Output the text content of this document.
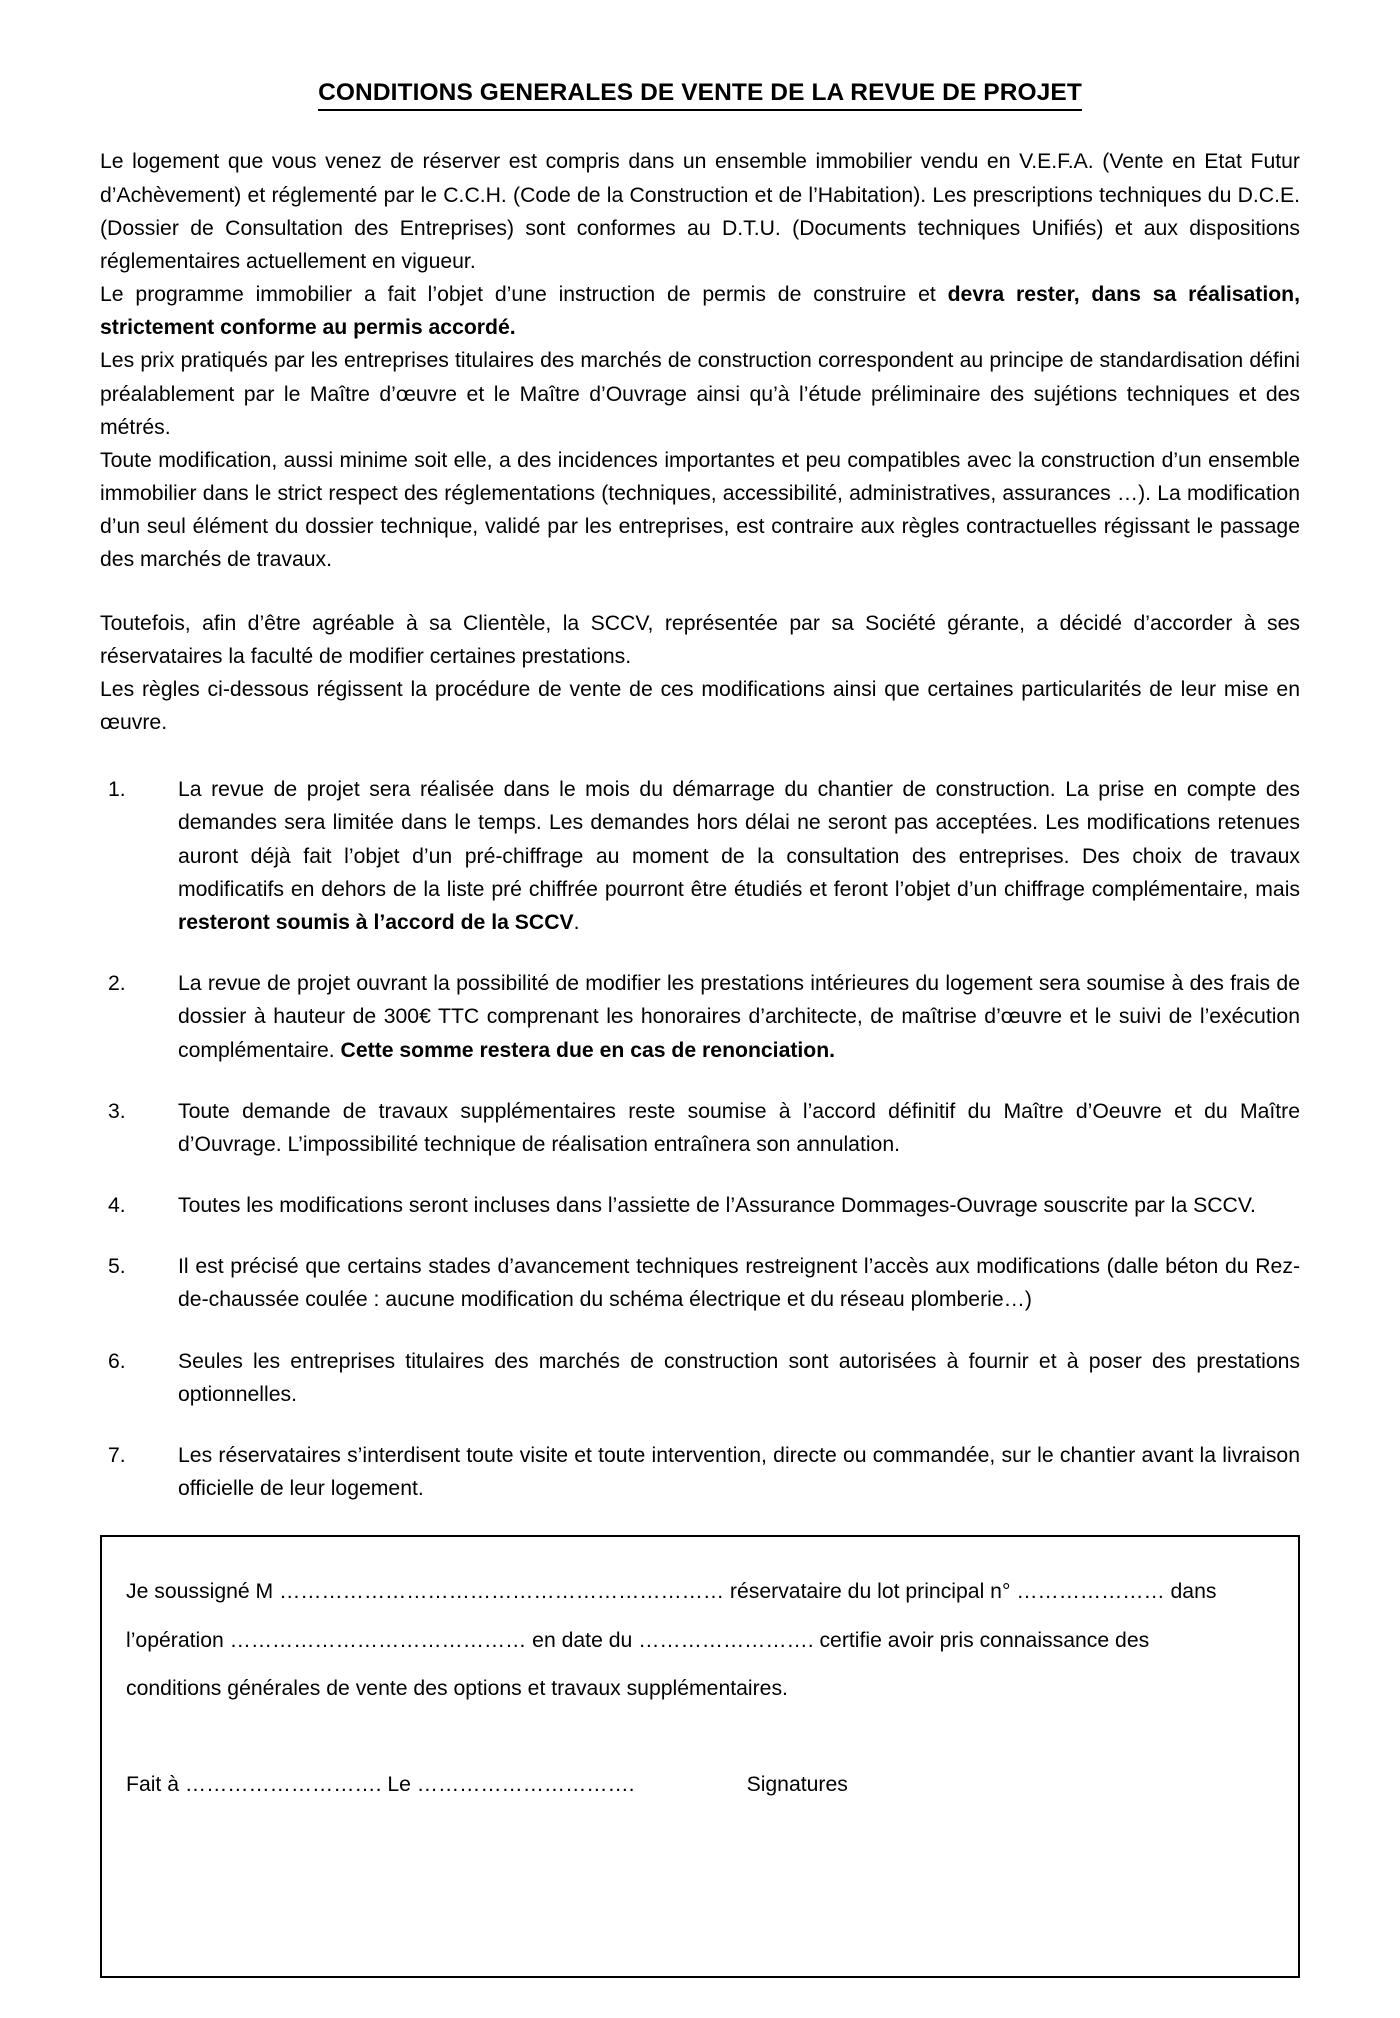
CONDITIONS GENERALES DE VENTE DE LA REVUE DE PROJET

Le logement que vous venez de réserver est compris dans un ensemble immobilier vendu en V.E.F.A. (Vente en Etat Futur d’Achèvement) et réglementé par le C.C.H. (Code de la Construction et de l’Habitation). Les prescriptions techniques du D.C.E. (Dossier de Consultation des Entreprises) sont conformes au D.T.U. (Documents techniques Unifiés) et aux dispositions réglementaires actuellement en vigueur.

Le programme immobilier a fait l’objet d’une instruction de permis de construire et devra rester, dans sa réalisation, strictement conforme au permis accordé.

Les prix pratiqués par les entreprises titulaires des marchés de construction correspondent au principe de standardisation défini préalablement par le Maître d’œuvre et le Maître d’Ouvrage ainsi qu’à l’étude préliminaire des sujétions techniques et des métrés.

Toute modification, aussi minime soit elle, a des incidences importantes et peu compatibles avec la construction d’un ensemble immobilier dans le strict respect des réglementations (techniques, accessibilité, administratives, assurances …). La modification d’un seul élément du dossier technique, validé par les entreprises, est contraire aux règles contractuelles régissant le passage des marchés de travaux.

Toutefois, afin d’être agréable à sa Clientèle, la SCCV, représentée par sa Société gérante, a décidé d’accorder à ses réservataires la faculté de modifier certaines prestations.

Les règles ci-dessous régissent la procédure de vente de ces modifications ainsi que certaines particularités de leur mise en œuvre.

La revue de projet sera réalisée dans le mois du démarrage du chantier de construction. La prise en compte des demandes sera limitée dans le temps. Les demandes hors délai ne seront pas acceptées. Les modifications retenues auront déjà fait l’objet d’un pré-chiffrage au moment de la consultation des entreprises. Des choix de travaux modificatifs en dehors de la liste pré chiffrée pourront être étudiés et feront l’objet d’un chiffrage complémentaire, mais resteront soumis à l’accord de la SCCV.
La revue de projet ouvrant la possibilité de modifier les prestations intérieures du logement sera soumise à des frais de dossier à hauteur de 300€ TTC comprenant les honoraires d’architecte, de maîtrise d’œuvre et le suivi de l’exécution complémentaire. Cette somme restera due en cas de renonciation.
Toute demande de travaux supplémentaires reste soumise à l’accord définitif du Maître d’Oeuvre et du Maître d’Ouvrage. L’impossibilité technique de réalisation entraînera son annulation.
Toutes les modifications seront incluses dans l’assiette de l’Assurance Dommages-Ouvrage souscrite par la SCCV.
Il est précisé que certains stades d’avancement techniques restreignent l’accès aux modifications (dalle béton du Rez-de-chaussée coulée : aucune modification du schéma électrique et du réseau plomberie…)
Seules les entreprises titulaires des marchés de construction sont autorisées à fournir et à poser des prestations optionnelles.
Les réservataires s’interdisent toute visite et toute intervention, directe ou commandée, sur le chantier avant la livraison officielle de leur logement.

Je soussigné M ……………………………………………………… réservataire du lot principal n° ………………… dans

l’opération …………………………………… en date du ……………………. certifie avoir pris connaissance des

conditions générales de vente des options et travaux supplémentaires.

Fait à ………………………. Le ………………………….	Signatures
